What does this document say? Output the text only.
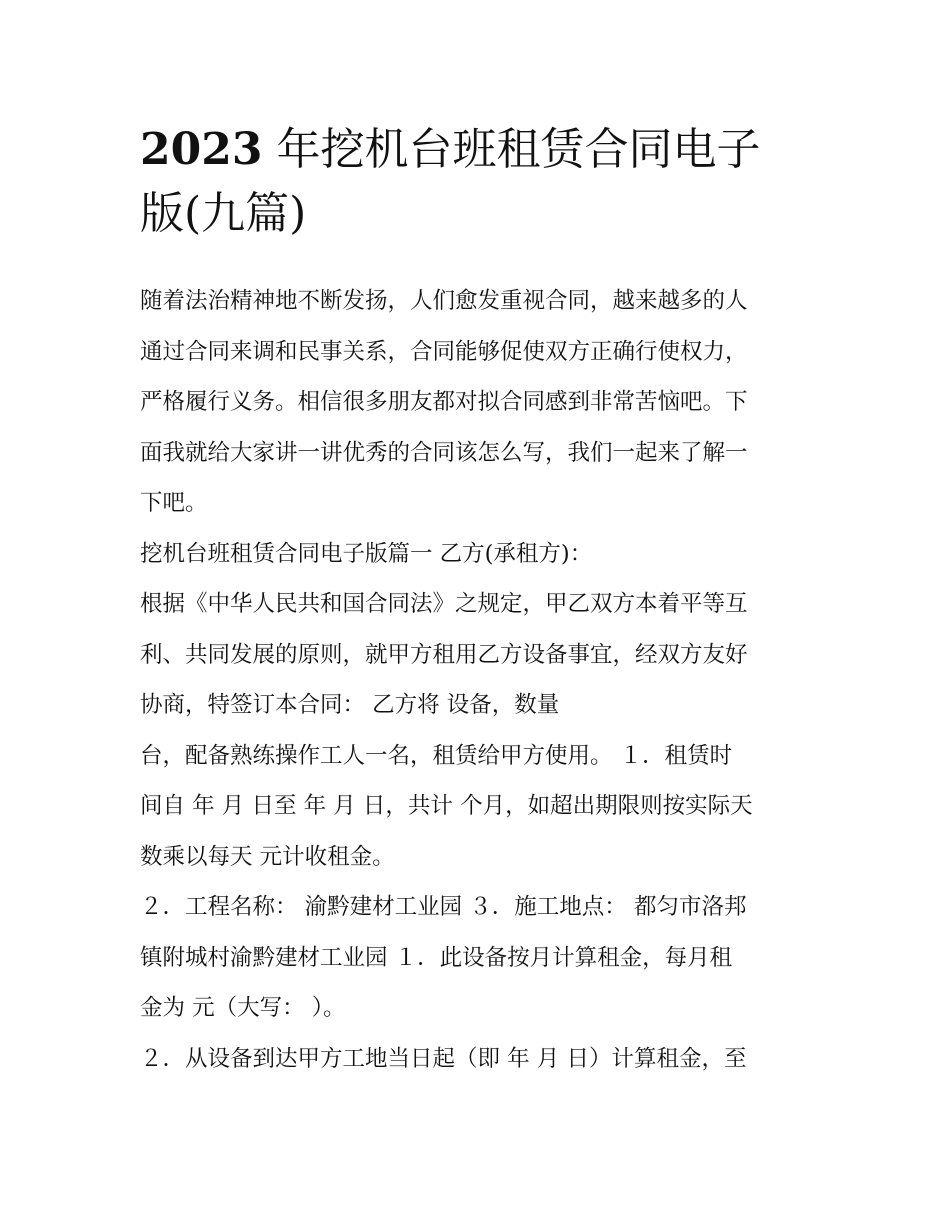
2023 年挖机台班租赁合同电子
版(九篇)
随着法治精神地不断发扬，人们愈发重视合同，越来越多的人
通过合同来调和民事关系，合同能够促使双方正确行使权力，
严格履行义务。相信很多朋友都对拟合同感到非常苦恼吧。下
面我就给大家讲一讲优秀的合同该怎么写，我们一起来了解一
下吧。
挖机台班租赁合同电子版篇一 乙方(承租方)：
根据《中华人民共和国合同法》之规定，甲乙双方本着平等互
利、共同发展的原则，就甲方租用乙方设备事宜，经双方友好
协商，特签订本合同： 乙方将 设备，数量
台，配备熟练操作工人一名，租赁给甲方使用。 １．租赁时
间自 年 月 日至 年 月 日，共计 个月，如超出期限则按实际天
数乘以每天 元计收租金。
２．工程名称： 渝黔建材工业园 ３．施工地点： 都匀市洛邦
镇附城村渝黔建材工业园 １．此设备按月计算租金，每月租
金为 元（大写： ）。
２．从设备到达甲方工地当日起（即 年 月 日）计算租金，至
